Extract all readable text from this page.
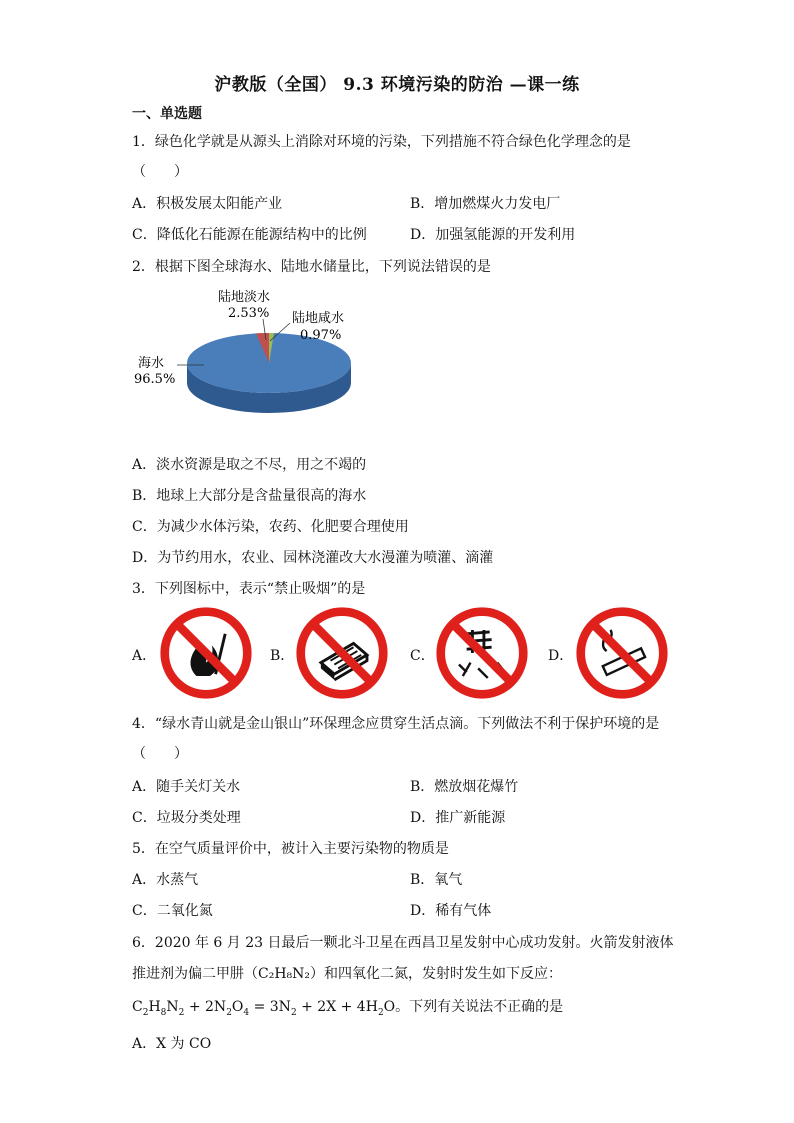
沪教版（全国） 9.3 环境污染的防治 —课一练
一、单选题
1．绿色化学就是从源头上消除对环境的污染，下列措施不符合绿色化学理念的是
（　　）
A．积极发展太阳能产业	B．增加燃煤火力发电厂
C．降低化石能源在能源结构中的比例	D．加强氢能源的开发利用
2．根据下图全球海水、陆地水储量比，下列说法错误的是
陆地淡水
2.53% 陆地咸水
0.97%
海水
96.5%
A．淡水资源是取之不尽，用之不竭的
B．地球上大部分是含盐量很高的海水
C．为减少水体污染，农药、化肥要合理使用
D．为节约用水，农业、园林浇灌改大水漫灌为喷灌、滴灌
3．下列图标中，表示“禁止吸烟”的是
A．	B．	C．	D．
4．“绿水青山就是金山银山”环保理念应贯穿生活点滴。下列做法不利于保护环境的是
（　　）
A．随手关灯关水	B．燃放烟花爆竹
C．垃圾分类处理	D．推广新能源
5．在空气质量评价中，被计入主要污染物的物质是
A．水蒸气	B．氧气
C．二氧化氮	D．稀有气体
6．2020 年 6 月 23 日最后一颗北斗卫星在西昌卫星发射中心成功发射。火箭发射液体
推进剂为偏二甲肼（C₂H₈N₂）和四氧化二氮，发射时发生如下反应：
$C_2H_8N_2 + 2N_2O_4 = 3N_2 + 2X + 4H_2O$。下列有关说法不正确的是
A．X 为 CO
